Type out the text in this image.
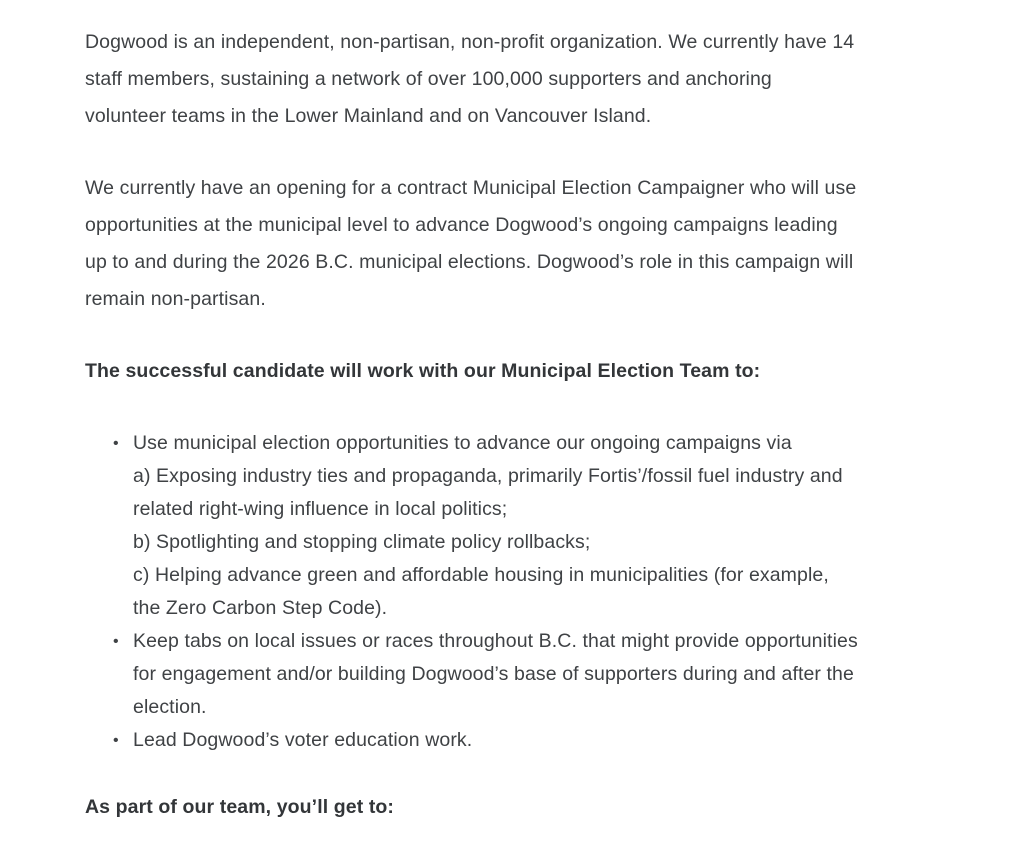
Dogwood is an independent, non-partisan, non-profit organization. We currently have 14
staff members, sustaining a network of over 100,000 supporters and anchoring
volunteer teams in the Lower Mainland and on Vancouver Island.

We currently have an opening for a contract Municipal Election Campaigner who will use
opportunities at the municipal level to advance Dogwood’s ongoing campaigns leading
up to and during the 2026 B.C. municipal elections. Dogwood’s role in this campaign will
remain non-partisan.

The successful candidate will work with our Municipal Election Team to:

• Use municipal election opportunities to advance our ongoing campaigns via
a) Exposing industry ties and propaganda, primarily Fortis’/fossil fuel industry and
related right-wing influence in local politics;
b) Spotlighting and stopping climate policy rollbacks;
c) Helping advance green and affordable housing in municipalities (for example,
the Zero Carbon Step Code).
• Keep tabs on local issues or races throughout B.C. that might provide opportunities
for engagement and/or building Dogwood’s base of supporters during and after the
election.
• Lead Dogwood’s voter education work.

As part of our team, you’ll get to:
